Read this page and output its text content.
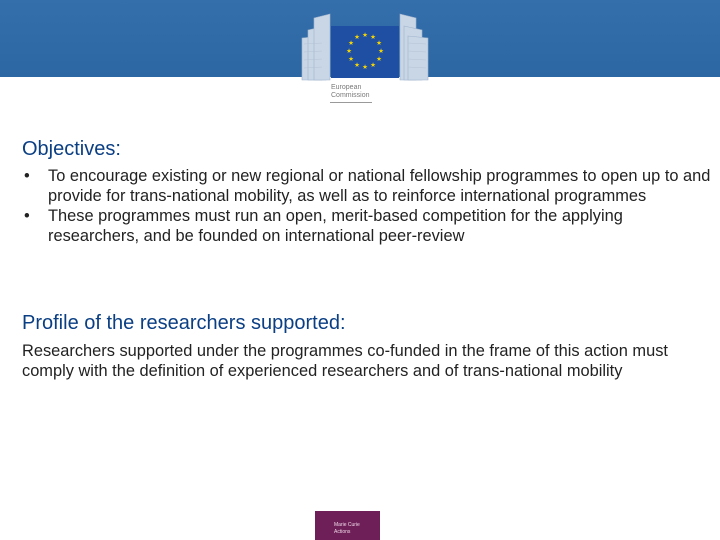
★ ★
★
★
★
★
★
★
★
★
★
★
European
Commission
Objectives:
• To encourage existing or new regional or national fellowship programmes to open up to and provide for trans-national mobility, as well as to reinforce international programmes
• These programmes must run an open, merit-based competition for the applying researchers, and be founded on international peer-review
Profile of the researchers supported:

Researchers supported under the programmes co-funded in the frame of this action must comply with the definition of experienced researchers and of trans-national mobility

Marie Curie
Actions
